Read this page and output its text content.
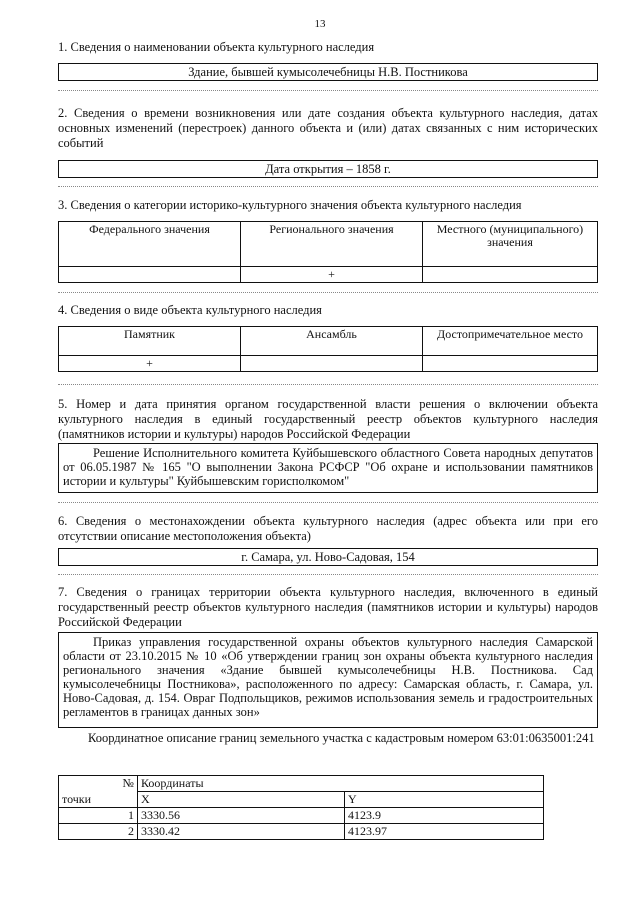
13
1. Сведения о наименовании объекта культурного наследия
Здание, бывшей кумысолечебницы Н.В. Постникова
2. Сведения о времени возникновения или дате создания объекта культурного наследия, датах основных изменений (перестроек) данного объекта и (или) датах связанных с ним исторических событий
Дата открытия – 1858 г.
3. Сведения о категории историко-культурного значения объекта культурного наследия
Федерального значения	Регионального значения	Местного (муниципального) значения
	+	
4. Сведения о виде объекта культурного наследия
Памятник	Ансамбль	Достопримечательное место
+		
5. Номер и дата принятия органом государственной власти решения о включении объекта культурного наследия в единый государственный реестр объектов культурного наследия (памятников истории и культуры) народов Российской Федерации
Решение Исполнительного комитета Куйбышевского областного Совета народных депутатов от 06.05.1987 № 165 "О выполнении Закона РСФСР "Об охране и использовании памятников истории и культуры" Куйбышевским горисполкомом"
6. Сведения о местонахождении объекта культурного наследия (адрес объекта или при его отсутствии описание местоположения объекта)
г. Самара, ул. Ново-Садовая, 154
7. Сведения о границах территории объекта культурного наследия, включенного в единый государственный реестр объектов культурного наследия (памятников истории и культуры) народов Российской Федерации
Приказ управления государственной охраны объектов культурного наследия Самарской области от 23.10.2015 № 10 «Об утверждении границ зон охраны объекта культурного наследия регионального значения «Здание бывшей кумысолечебницы Н.В. Постникова. Сад кумысолечебницы Постникова», расположенного по адресу: Самарская область, г. Самара, ул. Ново-Садовая, д. 154. Овраг Подпольщиков, режимов использования земель и градостроительных регламентов в границах данных зон»
Координатное описание границ земельного участка с кадастровым номером 63:01:0635001:241
№	Координаты	
точки	X	Y
1	3330.56	4123.9
2	3330.42	4123.97
